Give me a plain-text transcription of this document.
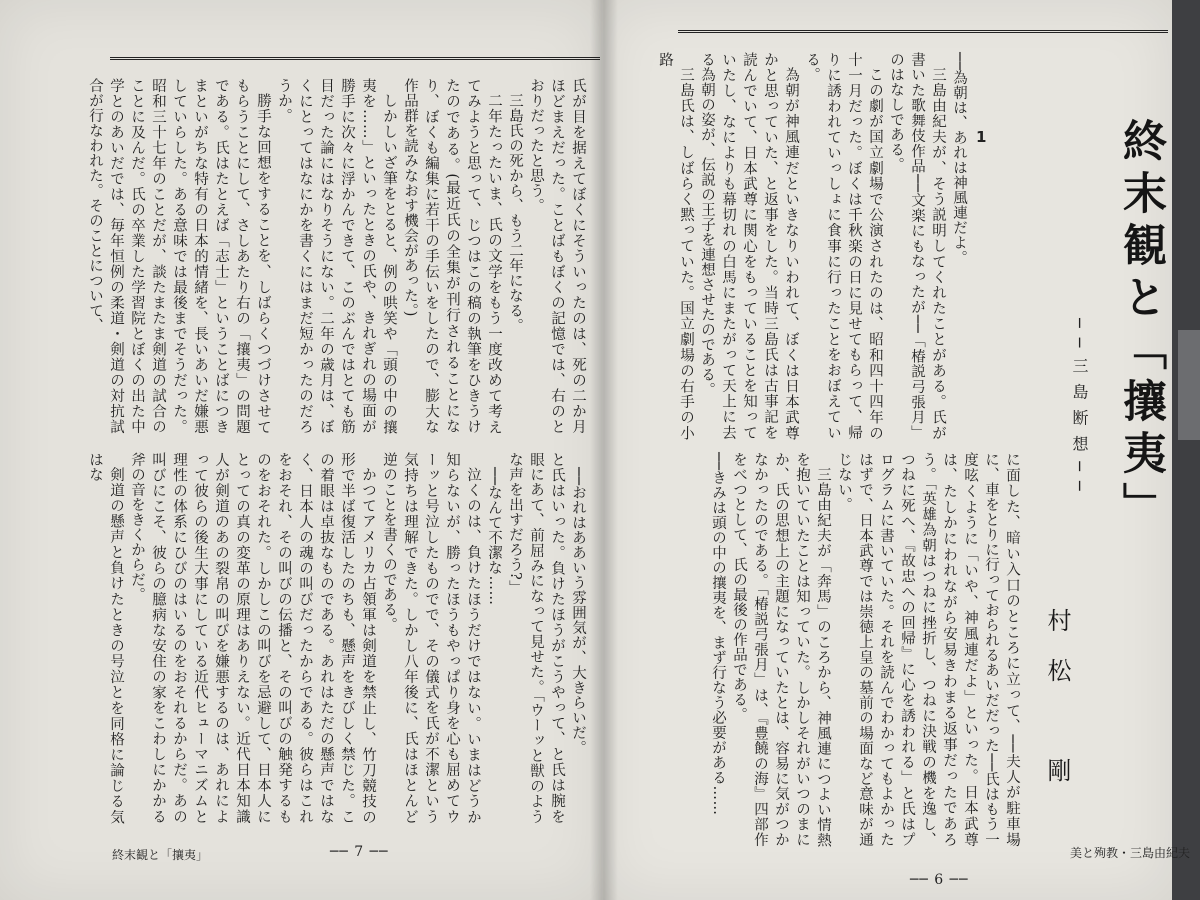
終末観と「攘夷」
──三島断想──
村松　剛
1

──為朝は、あれは神風連だよ。

三島由紀夫が、そう説明してくれたことがある。氏が書いた歌舞伎作品──文楽にもなったが──「椿説弓張月」のはなしである。

この劇が国立劇場で公演されたのは、昭和四十四年の十一月だった。ぼくは千秋楽の日に見せてもらって、帰りに誘われていっしょに食事に行ったことをおぼえている。

為朝が神風連だといきなりいわれて、ぼくは日本武尊かと思っていた、と返事をした。当時三島氏は古事記を読んでいて、日本武尊に関心をもっていることを知っていたし、なによりも幕切れの白馬にまたがって天上に去る為朝の姿が、伝説の王子を連想させたのである。

三島氏は、しばらく黙っていた。国立劇場の右手の小路

に面した、暗い入口のところに立って、──夫人が駐車場に、車をとりに行っておられるあいだだった──氏はもう一度呟くように「いや、神風連だよ」といった。日本武尊は、たしかにわれながら安易きわまる返事だったであろう。「英雄為朝はつねに挫折し、つねに決戦の機を逸し、つねに死へ、『故忠への回帰』に心を誘われる」と氏はプログラムに書いていた。それを読んでわかってもよかったはずで、日本武尊では崇徳上皇の墓前の場面など意味が通じない。

三島由紀夫が「奔馬」のころから、神風連につよい情熱を抱いていたことは知っていた。しかしそれがいつのまにか、氏の思想上の主題になっていたとは、容易に気がつかなかったのである。「椿説弓張月」は、『豊饒の海』四部作をべつとして、氏の最後の作品である。

──きみは頭の中の攘夷を、まず行なう必要がある……

氏が目を据えてぼくにそういったのは、死の二か月ほどまえだった。ことばもぼくの記憶では、右のとおりだったと思う。

三島氏の死から、もう二年になる。

二年たったいま、氏の文学をもう一度改めて考えてみようと思って、じつはこの稿の執筆をひきうけたのである。(最近氏の全集が刊行されることになり、ぼくも編集に若干の手伝いをしたので、膨大な作品群を読みなおす機会があった。)

しかしいざ筆をとると、例の哄笑や「頭の中の攘夷を……」といったときの氏や、きれぎれの場面が勝手に次々に浮かんできて、このぶんではとても筋目だった論にはなりそうにない。二年の歳月は、ぼくにとってはなにかを書くにはまだ短かったのだろうか。

勝手な回想をすることを、しばらくつづけさせてもらうことにして、さしあたり右の「攘夷」の問題である。氏はたとえば「志士」ということばにつきまといがちな特有の日本的情緒を、長いあいだ嫌悪していらした。ある意味では最後までそうだった。昭和三十七年のことだが、談たまたま剣道の試合のことに及んだ。氏の卒業した学習院とぼくの出た中学とのあいだでは、毎年恒例の柔道・剣道の対抗試合が行なわれた。そのことについて、

──おれはああいう雰囲気が、大きらいだ。

と氏はいった。負けたほうがこうやって、と氏は腕を眼にあて、前屈みになって見せた。「ウーッと獣のような声を出すだろう?」

──なんて不潔な……

泣くのは、負けたほうだけではない。いまはどうか知らないが、勝ったほうもやっぱり身を心も屈めてウーッと号泣したものでで、その儀式を氏が不潔という気持ちは理解できた。しかし八年後に、氏はほとんど逆のことを書くのである。

かつてアメリカ占領軍は剣道を禁止し、竹刀競技の形で半ば復活したのちも、懸声をきびしく禁じた。この着眼は卓抜なものである。あれはただの懸声ではなく、日本人の魂の叫びだったからである。彼らはこれをおそれ、その叫びの伝播と、その叫びの触発するものをおそれた。しかしこの叫びを忌避して、日本人にとっての真の変革の原理はありえない。近代日本知識人が剣道のあの裂帛の叫びを嫌悪するのは、あれによって彼らの後生大事にしている近代ヒューマニズムと理性の体系にひびのはいるのをおそれるからだ。あの叫びにこそ、彼らの臆病な安住の家をこわしにかかる斧の音をきくからだ。

剣道の懸声と負けたときの号泣とを同格に論じる気はな

終末観と「攘夷」	── 7 ──	美と殉教・三島由紀夫
── 6 ──
